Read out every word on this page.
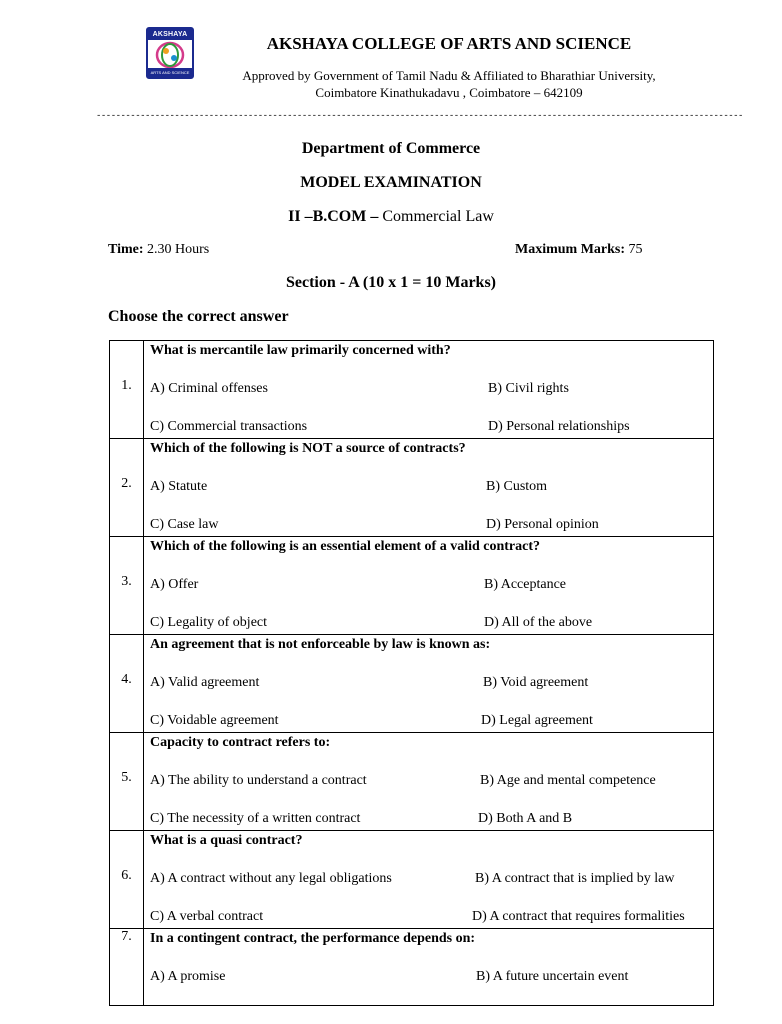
AKSHAYA
ARTS AND SCIENCE
AKSHAYA COLLEGE OF ARTS AND SCIENCE
Approved by Government of Tamil Nadu & Affiliated to Bharathiar University,
Coimbatore Kinathukadavu , Coimbatore – 642109
------------------------------------------------------------------------------------------------------------------------------------

Department of Commerce

MODEL EXAMINATION

II –B.COM – Commercial Law

Time: 2.30 Hours	Maximum Marks: 75

Section - A (10 x 1 = 10 Marks)

Choose the correct answer

1.	What is mercantile law primarily concerned with?
A) Criminal offenses B) Civil rights
C) Commercial transactions D) Personal relationships

2.	Which of the following is NOT a source of contracts?
A) Statute B) Custom
C) Case law D) Personal opinion

3.	Which of the following is an essential element of a valid contract?
A) Offer B) Acceptance
C) Legality of object D) All of the above

4.	An agreement that is not enforceable by law is known as:
A) Valid agreement B) Void agreement
C) Voidable agreement D) Legal agreement

5.	Capacity to contract refers to:
A) The ability to understand a contract B) Age and mental competence
C) The necessity of a written contract D) Both A and B

6.	What is a quasi contract?
A) A contract without any legal obligations B) A contract that is implied by law
C) A verbal contract D) A contract that requires formalities

7.	In a contingent contract, the performance depends on:
A) A promise B) A future uncertain event
